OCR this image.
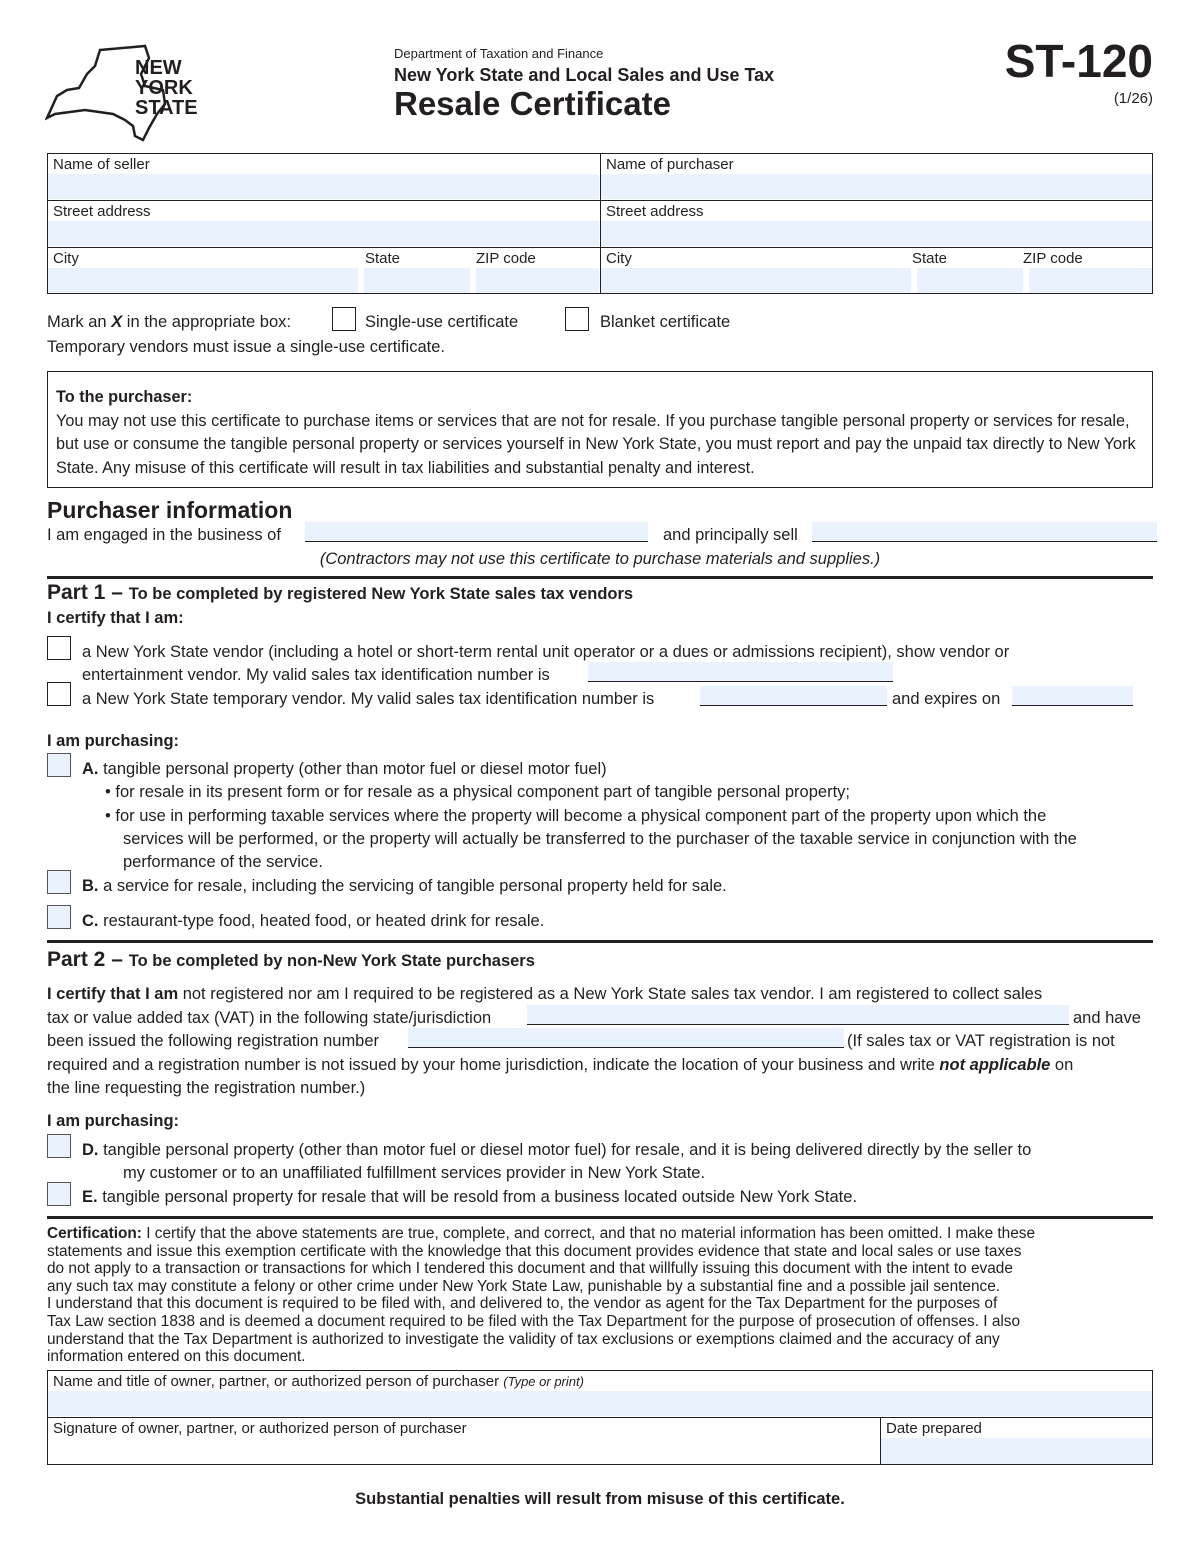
NEW
YORK
STATE
Department of Taxation and Finance
New York State and Local Sales and Use Tax
Resale Certificate
ST-120
(1/26)
Name of seller	Name of purchaser
Street address	Street address
City	State	ZIP code	City	State	ZIP code
Mark an X in the appropriate box:	Single-use certificate	Blanket certificate
Temporary vendors must issue a single-use certificate.
To the purchaser:
You may not use this certificate to purchase items or services that are not for resale. If you purchase tangible personal property or services for resale, but use or consume the tangible personal property or services yourself in New York State, you must report and pay the unpaid tax directly to New York State. Any misuse of this certificate will result in tax liabilities and substantial penalty and interest.
Purchaser information
I am engaged in the business of	and principally sell
(Contractors may not use this certificate to purchase materials and supplies.)
Part 1 – To be completed by registered New York State sales tax vendors
I certify that I am:
a New York State vendor (including a hotel or short-term rental unit operator or a dues or admissions recipient), show vendor or
entertainment vendor. My valid sales tax identification number is
a New York State temporary vendor. My valid sales tax identification number is	and expires on
I am purchasing:
A. tangible personal property (other than motor fuel or diesel motor fuel)
• for resale in its present form or for resale as a physical component part of tangible personal property;
• for use in performing taxable services where the property will become a physical component part of the property upon which the
services will be performed, or the property will actually be transferred to the purchaser of the taxable service in conjunction with the
performance of the service.
B. a service for resale, including the servicing of tangible personal property held for sale.
C. restaurant-type food, heated food, or heated drink for resale.
Part 2 – To be completed by non-New York State purchasers
I certify that I am not registered nor am I required to be registered as a New York State sales tax vendor. I am registered to collect sales
tax or value added tax (VAT) in the following state/jurisdiction	and have
been issued the following registration number	(If sales tax or VAT registration is not
required and a registration number is not issued by your home jurisdiction, indicate the location of your business and write not applicable on
the line requesting the registration number.)
I am purchasing:
D. tangible personal property (other than motor fuel or diesel motor fuel) for resale, and it is being delivered directly by the seller to
my customer or to an unaffiliated fulfillment services provider in New York State.
E. tangible personal property for resale that will be resold from a business located outside New York State.
Certification: I certify that the above statements are true, complete, and correct, and that no material information has been omitted. I make these
statements and issue this exemption certificate with the knowledge that this document provides evidence that state and local sales or use taxes
do not apply to a transaction or transactions for which I tendered this document and that willfully issuing this document with the intent to evade
any such tax may constitute a felony or other crime under New York State Law, punishable by a substantial fine and a possible jail sentence.
I understand that this document is required to be filed with, and delivered to, the vendor as agent for the Tax Department for the purposes of
Tax Law section 1838 and is deemed a document required to be filed with the Tax Department for the purpose of prosecution of offenses. I also
understand that the Tax Department is authorized to investigate the validity of tax exclusions or exemptions claimed and the accuracy of any
information entered on this document.
Name and title of owner, partner, or authorized person of purchaser (Type or print)
Signature of owner, partner, or authorized person of purchaser	Date prepared
Substantial penalties will result from misuse of this certificate.
